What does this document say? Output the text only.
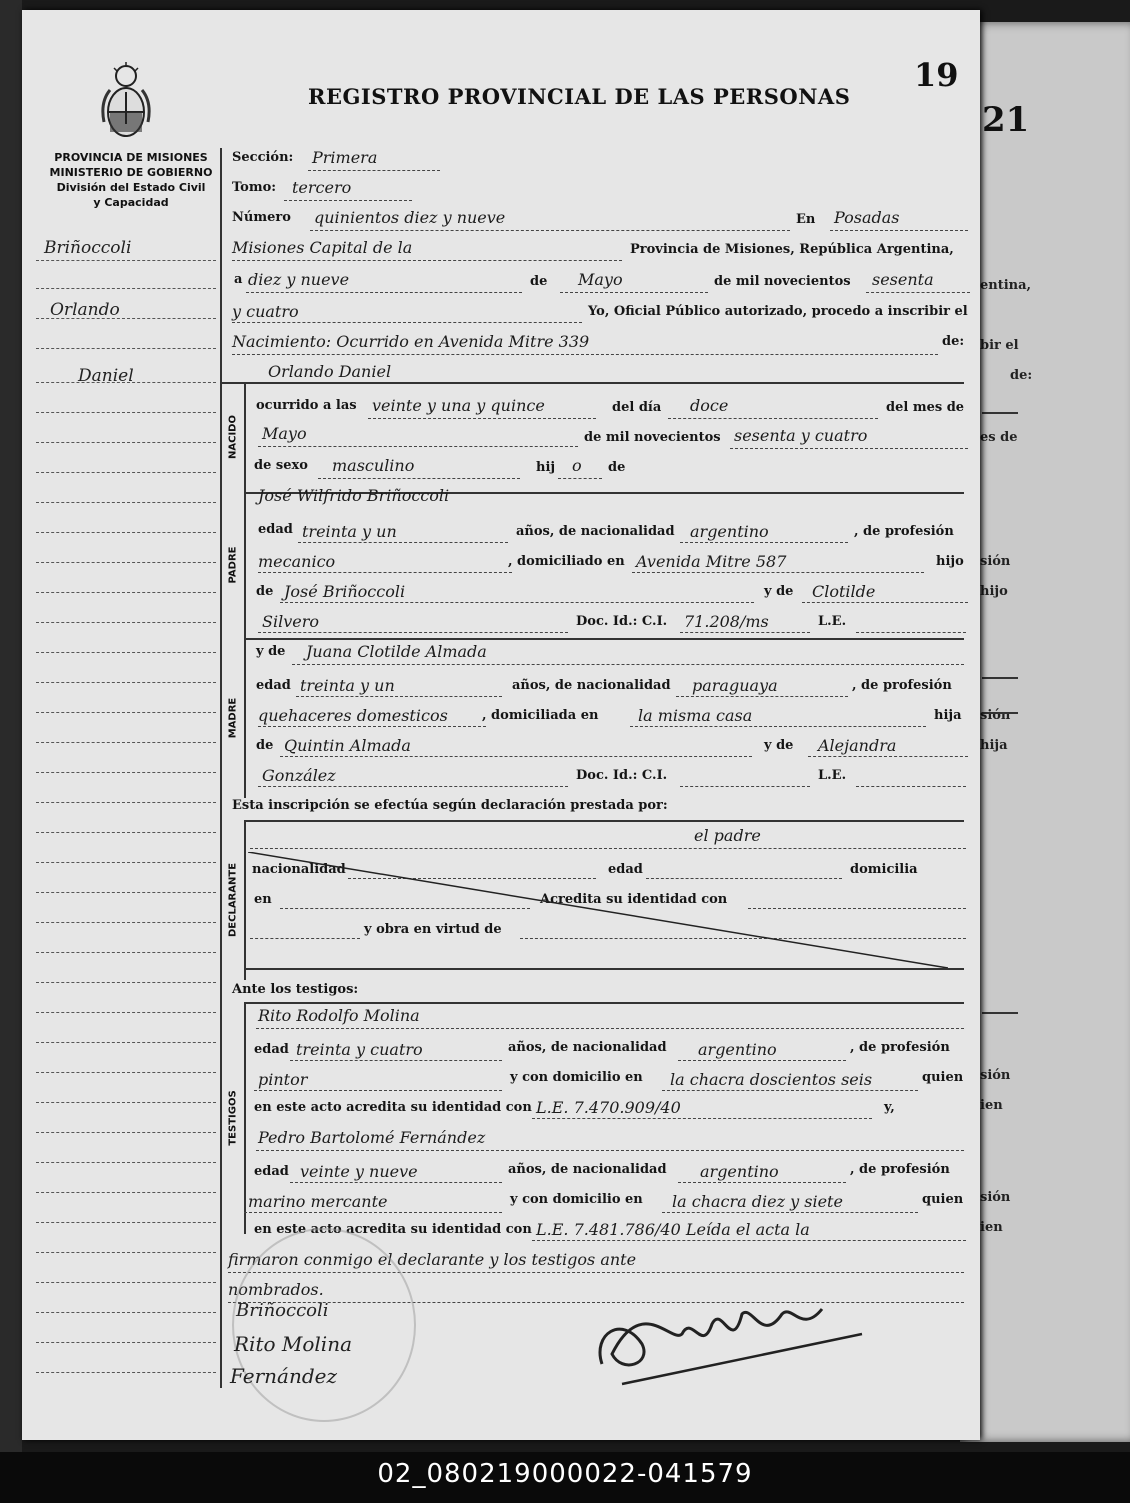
21
entina,
bir el
de:
es de
sión
hijo
sión
hija
sión
ien
sión
ien
PROVINCIA DE MISIONES
MINISTERIO DE GOBIERNO
División del Estado Civil
y Capacidad
REGISTRO PROVINCIAL DE LAS PERSONAS
19
Briñoccoli
Orlando
Daniel
Sección: Primera
Tomo: tercero
Número quinientos diez y nueve	En Posadas
Misiones Capital de la	Provincia de Misiones, República Argentina,
a diez y nueve	de Mayo	de mil novecientos sesenta
y cuatro	Yo, Oficial Público autorizado, procedo a inscribir el
Nacimiento: Ocurrido en Avenida Mitre 339	de:
NACIDO
Orlando Daniel
ocurrido a las veinte y una y quince	del día doce	del mes de
Mayo	de mil novecientos sesenta y cuatro
de sexo masculino	hij o de
PADRE
José Wilfrido Briñoccoli
edad treinta y un	años, de nacionalidad argentino	, de profesión
mecanico	, domiciliado en Avenida Mitre 587	hijo
de José Briñoccoli	y de Clotilde
Silvero	Doc. Id.: C.I. 71.208/ms	L.E.
MADRE
y de Juana Clotilde Almada
edad treinta y un	años, de nacionalidad paraguaya	, de profesión
quehaceres domesticos	, domiciliada en la misma casa	hija
de Quintin Almada	y de Alejandra
González	Doc. Id.: C.I.	L.E.
Esta inscripción se efectúa según declaración prestada por:
DECLARANTE
el padre
nacionalidad	edad	domicilia
en	Acredita su identidad con
y obra en virtud de
Ante los testigos:
TESTIGOS
Rito Rodolfo Molina
edad treinta y cuatro	años, de nacionalidad argentino	, de profesión
pintor	y con domicilio en la chacra doscientos seis	quien
en este acto acredita su identidad con L.E. 7.470.909/40	y,
Pedro Bartolomé Fernández
edad veinte y nueve	años, de nacionalidad argentino	, de profesión
marino mercante	y con domicilio en la chacra diez y siete	quien
en este acto acredita su identidad con L.E. 7.481.786/40 Leída el acta la
firmaron conmigo el declarante y los testigos ante
nombrados.
Briñoccoli
Rito Molina
Fernández
02_080219000022-041579
